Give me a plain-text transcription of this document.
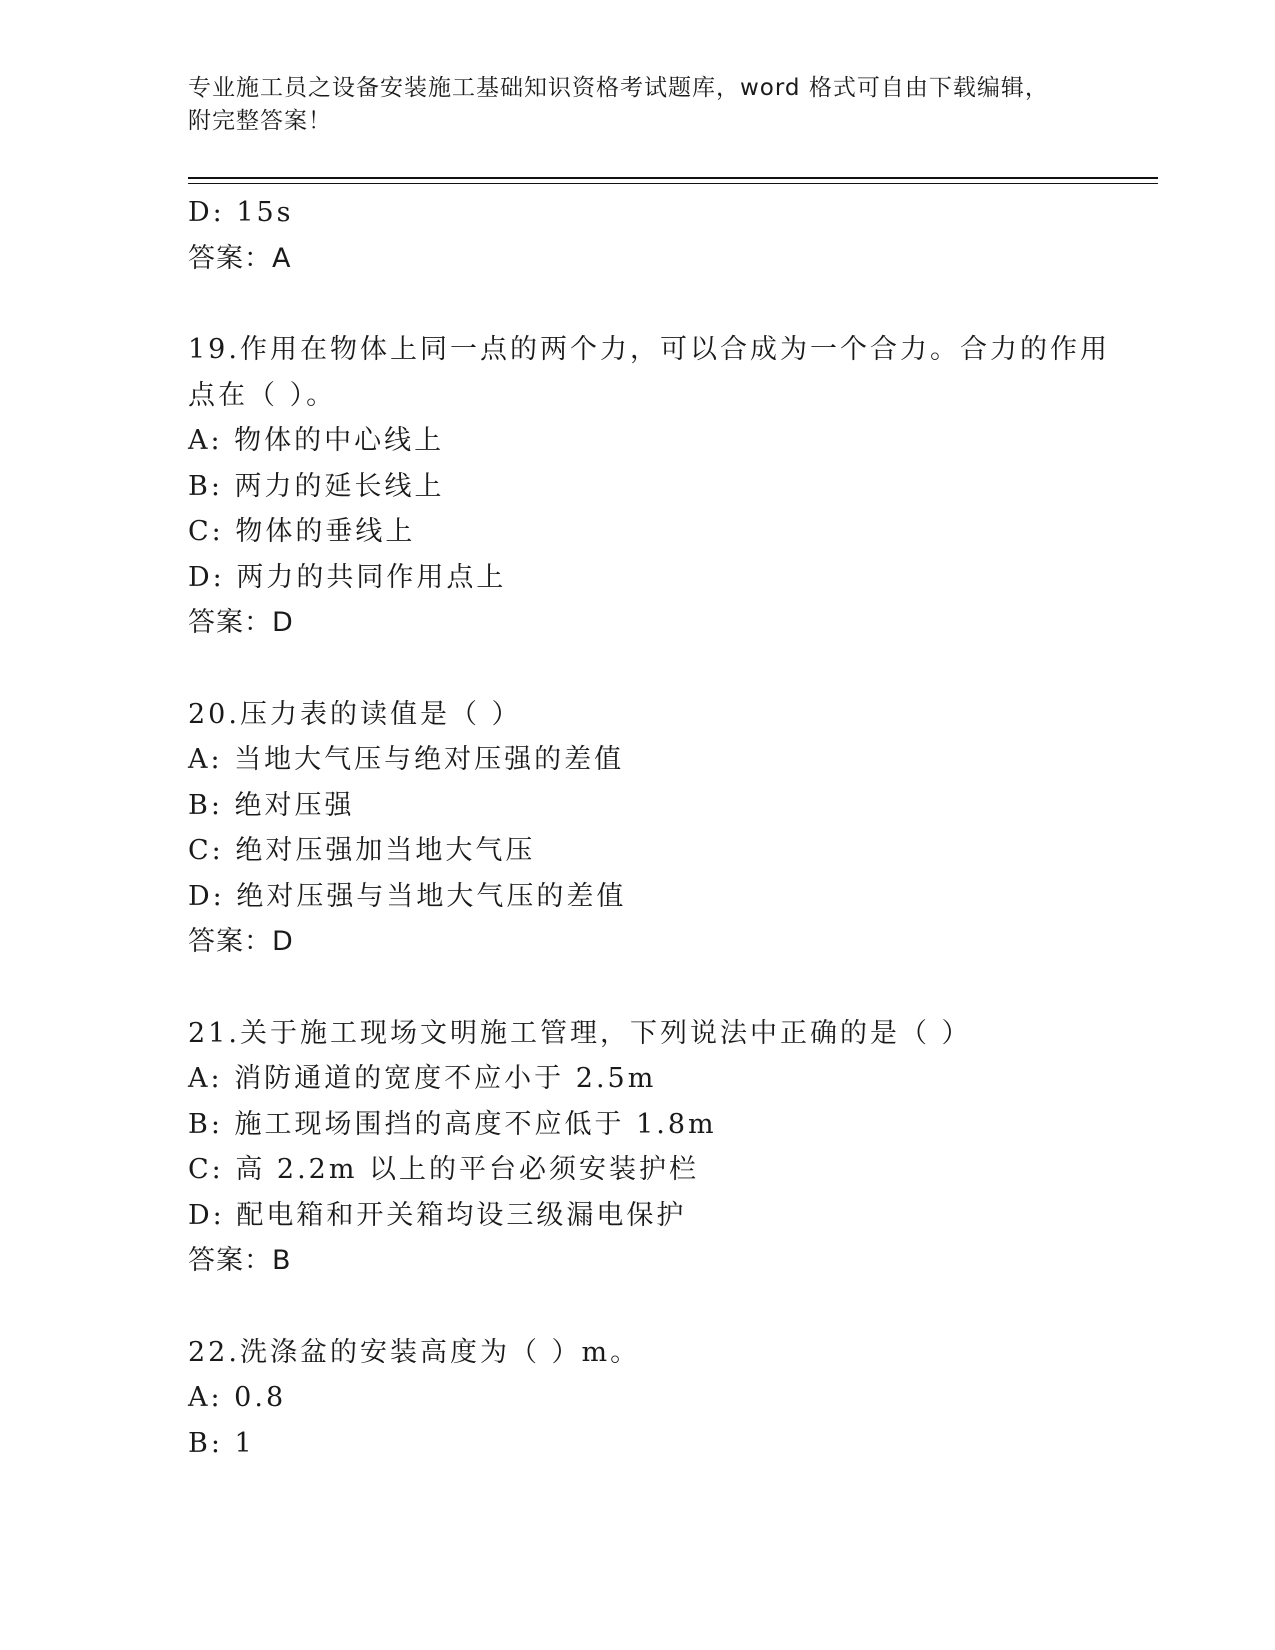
专业施工员之设备安装施工基础知识资格考试题库，word 格式可自由下载编辑，
附完整答案！
D: 15s
答案：A
19.作用在物体上同一点的两个力，可以合成为一个合力。合力的作用
点在（ ）。
A: 物体的中心线上
B: 两力的延长线上
C: 物体的垂线上
D: 两力的共同作用点上
答案：D
20.压力表的读值是（ ）
A: 当地大气压与绝对压强的差值
B: 绝对压强
C: 绝对压强加当地大气压
D: 绝对压强与当地大气压的差值
答案：D
21.关于施工现场文明施工管理，下列说法中正确的是（ ）
A: 消防通道的宽度不应小于 2.5m
B: 施工现场围挡的高度不应低于 1.8m
C: 高 2.2m 以上的平台必须安装护栏
D: 配电箱和开关箱均设三级漏电保护
答案：B
22.洗涤盆的安装高度为（ ）m。
A: 0.8
B: 1
